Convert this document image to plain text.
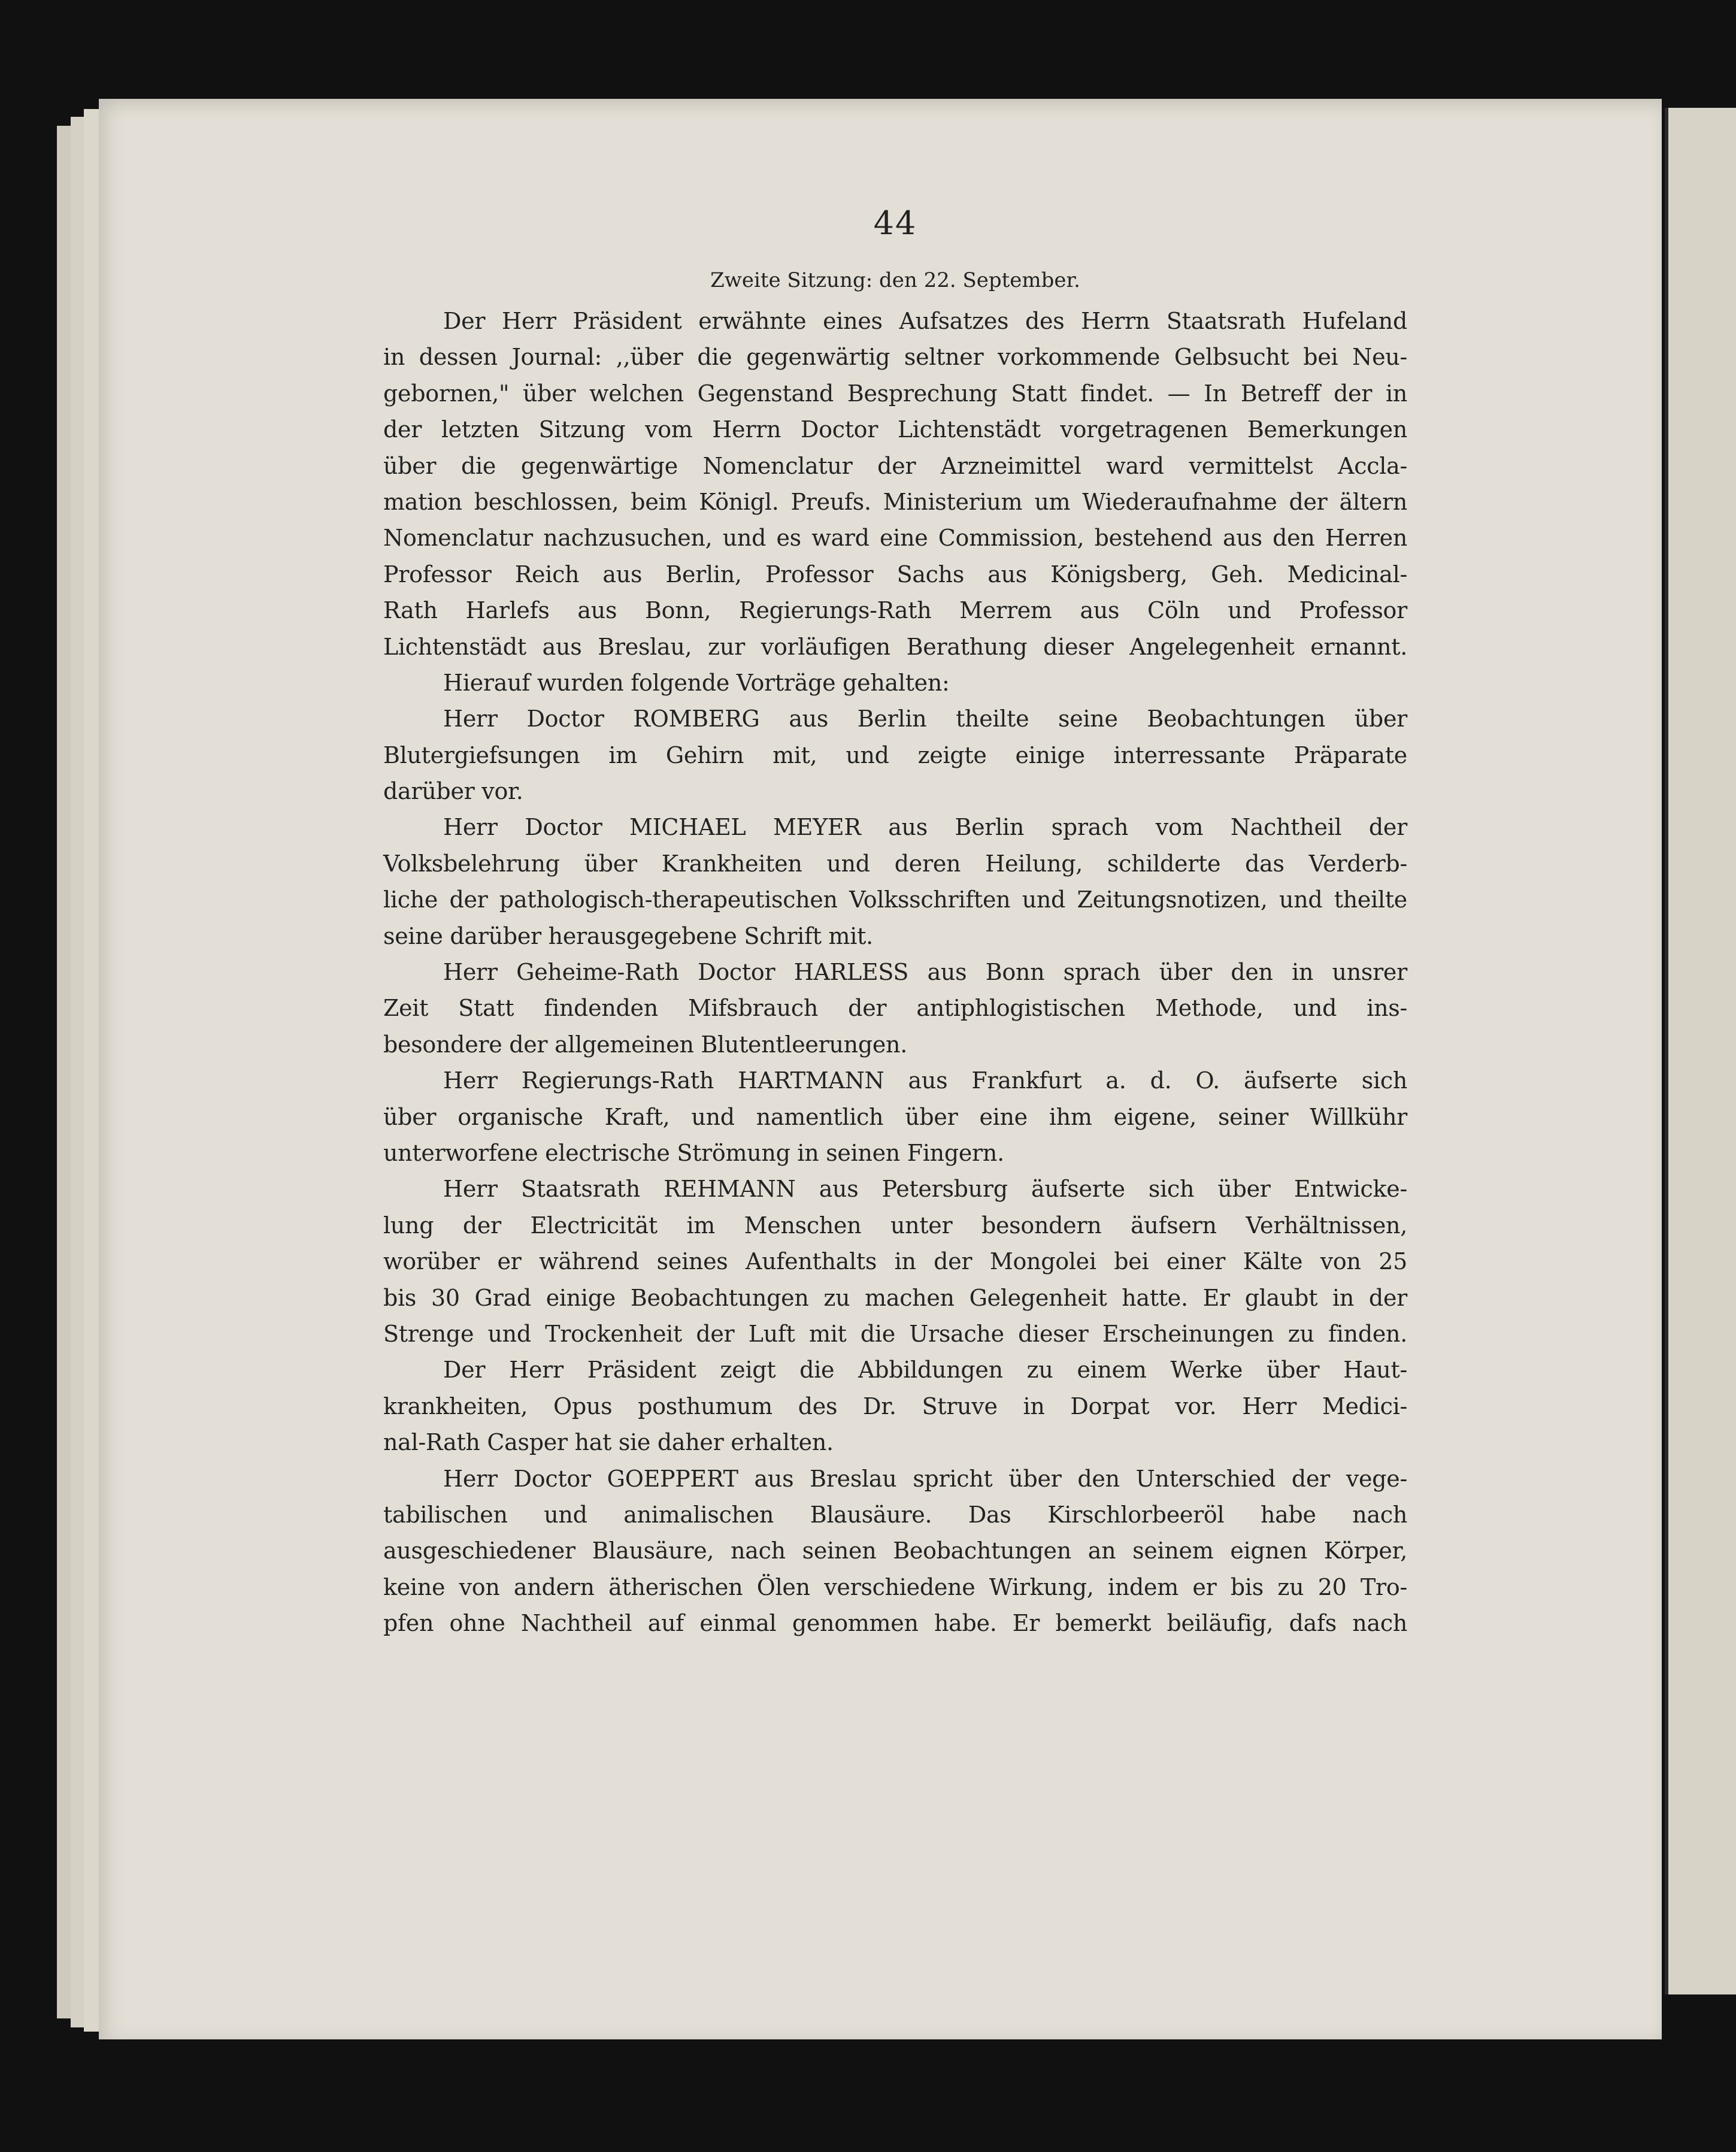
44
Zweite Sitzung: den 22. September.
Der Herr Präsident erwähnte eines Aufsatzes des Herrn Staatsrath Hufeland
in dessen Journal: ,,über die gegenwärtig seltner vorkommende Gelbsucht bei Neu-
gebornen," über welchen Gegenstand Besprechung Statt findet. — In Betreff der in
der letzten Sitzung vom Herrn Doctor Lichtenstädt vorgetragenen Bemerkungen
über die gegenwärtige Nomenclatur der Arzneimittel ward vermittelst Accla-
mation beschlossen, beim Königl. Preufs. Ministerium um Wiederaufnahme der ältern
Nomenclatur nachzusuchen, und es ward eine Commission, bestehend aus den Herren
Professor Reich aus Berlin, Professor Sachs aus Königsberg, Geh. Medicinal-
Rath Harlefs aus Bonn, Regierungs-Rath Merrem aus Cöln und Professor
Lichtenstädt aus Breslau, zur vorläufigen Berathung dieser Angelegenheit ernannt.
Hierauf wurden folgende Vorträge gehalten:
Herr Doctor ROMBERG aus Berlin theilte seine Beobachtungen über
Blutergiefsungen im Gehirn mit, und zeigte einige interressante Präparate
darüber vor.
Herr Doctor MICHAEL MEYER aus Berlin sprach vom Nachtheil der
Volksbelehrung über Krankheiten und deren Heilung, schilderte das Verderb-
liche der pathologisch-therapeutischen Volksschriften und Zeitungsnotizen, und theilte
seine darüber herausgegebene Schrift mit.
Herr Geheime-Rath Doctor HARLESS aus Bonn sprach über den in unsrer
Zeit Statt findenden Mifsbrauch der antiphlogistischen Methode, und ins-
besondere der allgemeinen Blutentleerungen.
Herr Regierungs-Rath HARTMANN aus Frankfurt a. d. O. äufserte sich
über organische Kraft, und namentlich über eine ihm eigene, seiner Willkühr
unterworfene electrische Strömung in seinen Fingern.
Herr Staatsrath REHMANN aus Petersburg äufserte sich über Entwicke-
lung der Electricität im Menschen unter besondern äufsern Verhältnissen,
worüber er während seines Aufenthalts in der Mongolei bei einer Kälte von 25
bis 30 Grad einige Beobachtungen zu machen Gelegenheit hatte. Er glaubt in der
Strenge und Trockenheit der Luft mit die Ursache dieser Erscheinungen zu finden.
Der Herr Präsident zeigt die Abbildungen zu einem Werke über Haut-
krankheiten, Opus posthumum des Dr. Struve in Dorpat vor. Herr Medici-
nal-Rath Casper hat sie daher erhalten.
Herr Doctor GOEPPERT aus Breslau spricht über den Unterschied der vege-
tabilischen und animalischen Blausäure. Das Kirschlorbeeröl habe nach
ausgeschiedener Blausäure, nach seinen Beobachtungen an seinem eignen Körper,
keine von andern ätherischen Ölen verschiedene Wirkung, indem er bis zu 20 Tro-
pfen ohne Nachtheil auf einmal genommen habe. Er bemerkt beiläufig, dafs nach
